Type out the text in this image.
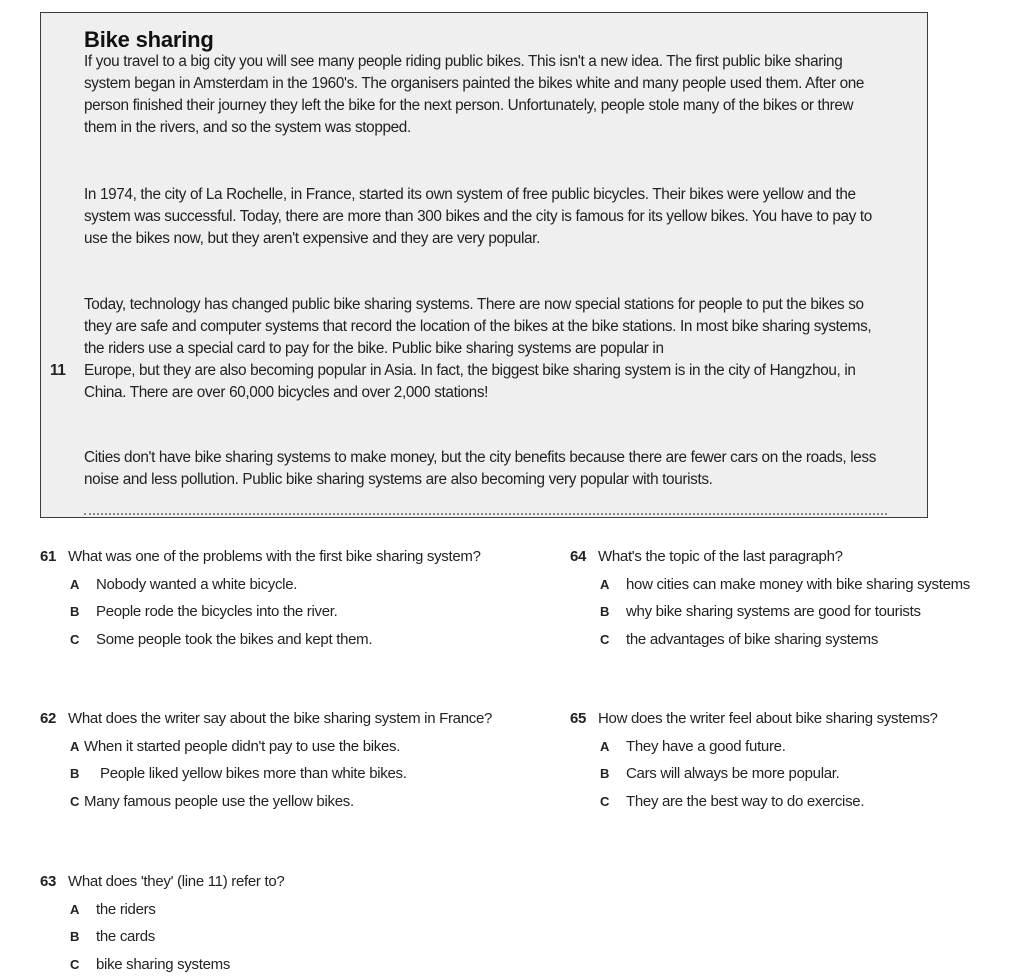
Bike sharing

If you travel to a big city you will see many people riding public bikes. This isn't a new idea. The first public bike sharing system began in Amsterdam in the 1960's. The organisers painted the bikes white and many people used them. After one person finished their journey they left the bike for the next person. Unfortunately, people stole many of the bikes or threw them in the rivers, and so the system was stopped.

In 1974, the city of La Rochelle, in France, started its own system of free public bicycles. Their bikes were yellow and the system was successful. Today, there are more than 300 bikes and the city is famous for its yellow bikes. You have to pay to use the bikes now, but they aren't expensive and they are very popular.

Today, technology has changed public bike sharing systems. There are now special stations for people to put the bikes so they are safe and computer systems that record the location of the bikes at the bike stations. In most bike sharing systems, the riders use a special card to pay for the bike. Public bike sharing systems are popular in

11 Europe, but they are also becoming popular in Asia. In fact, the biggest bike sharing system is in the city of Hangzhou, in China. There are over 60,000 bicycles and over 2,000 stations!

Cities don't have bike sharing systems to make money, but the city benefits because there are fewer cars on the roads, less noise and less pollution. Public bike sharing systems are also becoming very popular with tourists.

61 What was one of the problems with the first bike sharing system?
A Nobody wanted a white bicycle.
B People rode the bicycles into the river.
C Some people took the bikes and kept them.
62 What does the writer say about the bike sharing system in France?
A When it started people didn't pay to use the bikes.
B People liked yellow bikes more than white bikes.
C Many famous people use the yellow bikes.
63 What does 'they' (line 11) refer to?
A the riders
B the cards
C bike sharing systems
64 What's the topic of the last paragraph?
A how cities can make money with bike sharing systems
B why bike sharing systems are good for tourists
C the advantages of bike sharing systems
65 How does the writer feel about bike sharing systems?
A They have a good future.
B Cars will always be more popular.
C They are the best way to do exercise.
